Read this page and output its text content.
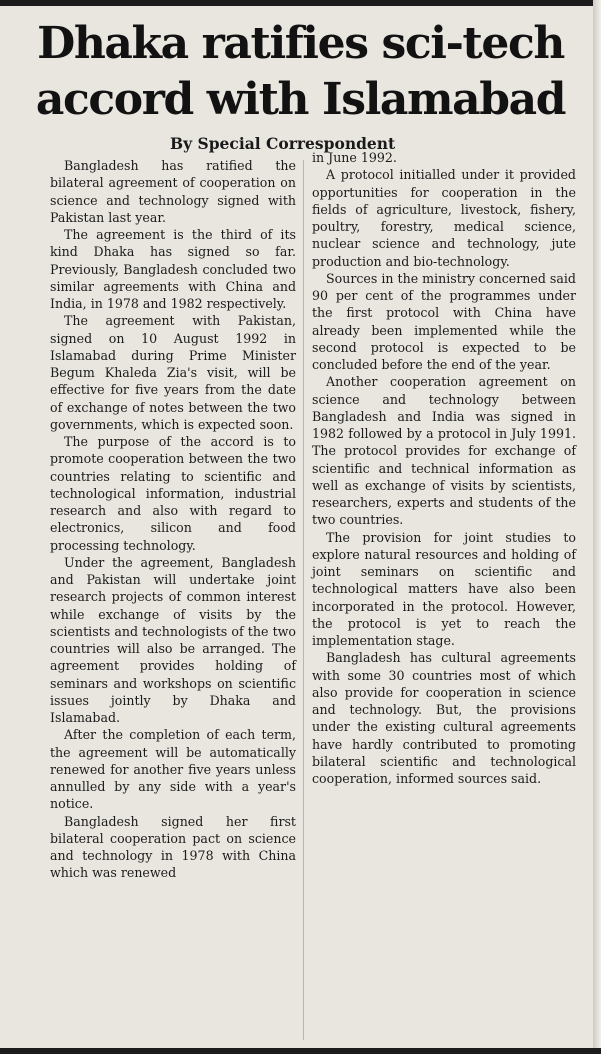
Dhaka ratifies sci-tech
accord with Islamabad
By Special Correspondent

Bangladesh has ratified the bilateral agreement of cooperation on science and technology signed with Pakistan last year.

The agreement is the third of its kind Dhaka has signed so far. Previously, Bangladesh concluded two similar agreements with China and India, in 1978 and 1982 respectively.

The agreement with Pakistan, signed on 10 August 1992 in Islamabad during Prime Minister Begum Khaleda Zia's visit, will be effective for five years from the date of exchange of notes between the two governments, which is expected soon.

The purpose of the accord is to promote cooperation between the two countries relating to scientific and technological information, industrial research and also with regard to electronics, silicon and food processing technology.

Under the agreement, Bangladesh and Pakistan will undertake joint research projects of common interest while exchange of visits by the scientists and technologists of the two countries will also be arranged. The agreement provides holding of seminars and workshops on scientific issues jointly by Dhaka and Islamabad.

After the completion of each term, the agreement will be automatically renewed for another five years unless annulled by any side with a year's notice.

Bangladesh signed her first bilateral cooperation pact on science and technology in 1978 with China which was renewed

in June 1992.

A protocol initialled under it provided opportunities for cooperation in the fields of agriculture, livestock, fishery, poultry, forestry, medical science, nuclear science and technology, jute production and bio-technology.

Sources in the ministry concerned said 90 per cent of the programmes under the first protocol with China have already been implemented while the second protocol is expected to be concluded before the end of the year.

Another cooperation agreement on science and technology between Bangladesh and India was signed in 1982 followed by a protocol in July 1991. The protocol provides for exchange of scientific and technical information as well as exchange of visits by scientists, researchers, experts and students of the two countries.

The provision for joint studies to explore natural resources and holding of joint seminars on scientific and technological matters have also been incorporated in the protocol. However, the protocol is yet to reach the implementation stage.

Bangladesh has cultural agreements with some 30 countries most of which also provide for cooperation in science and technology. But, the provisions under the existing cultural agreements have hardly contributed to promoting bilateral scientific and technological cooperation, informed sources said.
